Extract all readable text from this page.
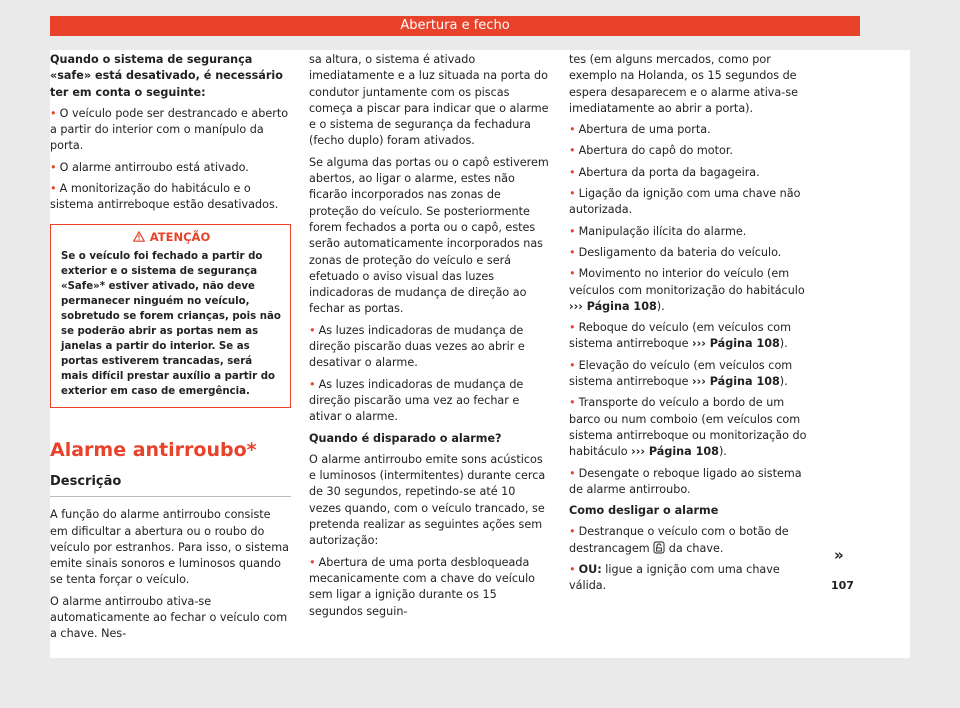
Abertura e fecho

Quando o sistema de segurança «safe» está desativado, é necessário ter em conta o seguinte:

• O veículo pode ser destrancado e aberto a partir do interior com o manípulo da porta.

• O alarme antirroubo está ativado.

• A monitorização do habitáculo e o sistema antirreboque estão desativados.

ATENÇÃO
Se o veículo foi fechado a partir do exterior e o sistema de segurança «Safe»* estiver ativado, não deve permanecer ninguém no veículo, sobretudo se forem crianças, pois não se poderão abrir as portas nem as janelas a partir do interior. Se as portas estiverem trancadas, será mais difícil prestar auxílio a partir do exterior em caso de emergência.
Alarme antirroubo*
Descrição

A função do alarme antirroubo consiste em dificultar a abertura ou o roubo do veículo por estranhos. Para isso, o sistema emite sinais sonoros e luminosos quando se tenta forçar o veículo.

O alarme antirroubo ativa-se automaticamente ao fechar o veículo com a chave. Nes-

sa altura, o sistema é ativado imediatamente e a luz situada na porta do condutor juntamente com os piscas começa a piscar para indicar que o alarme e o sistema de segurança da fechadura (fecho duplo) foram ativados.

Se alguma das portas ou o capô estiverem abertos, ao ligar o alarme, estes não ficarão incorporados nas zonas de proteção do veículo. Se posteriormente forem fechados a porta ou o capô, estes serão automaticamente incorporados nas zonas de proteção do veículo e será efetuado o aviso visual das luzes indicadoras de mudança de direção ao fechar as portas.

• As luzes indicadoras de mudança de direção piscarão duas vezes ao abrir e desativar o alarme.

• As luzes indicadoras de mudança de direção piscarão uma vez ao fechar e ativar o alarme.

Quando é disparado o alarme?

O alarme antirroubo emite sons acústicos e luminosos (intermitentes) durante cerca de 30 segundos, repetindo-se até 10 vezes quando, com o veículo trancado, se pretenda realizar as seguintes ações sem autorização:

• Abertura de uma porta desbloqueada mecanicamente com a chave do veículo sem ligar a ignição durante os 15 segundos seguin-

tes (em alguns mercados, como por exemplo na Holanda, os 15 segundos de espera desaparecem e o alarme ativa-se imediatamente ao abrir a porta).

• Abertura de uma porta.

• Abertura do capô do motor.

• Abertura da porta da bagageira.

• Ligação da ignição com uma chave não autorizada.

• Manipulação ilícita do alarme.

• Desligamento da bateria do veículo.

• Movimento no interior do veículo (em veículos com monitorização do habitáculo ››› Página 108).

• Reboque do veículo (em veículos com sistema antirreboque ››› Página 108).

• Elevação do veículo (em veículos com sistema antirreboque ››› Página 108).

• Transporte do veículo a bordo de um barco ou num comboio (em veículos com sistema antirreboque ou monitorização do habitáculo ››› Página 108).

• Desengate o reboque ligado ao sistema de alarme antirroubo.

Como desligar o alarme

• Destranque o veículo com o botão de destrancagem da chave.

• OU: ligue a ignição com uma chave válida.

»
107
